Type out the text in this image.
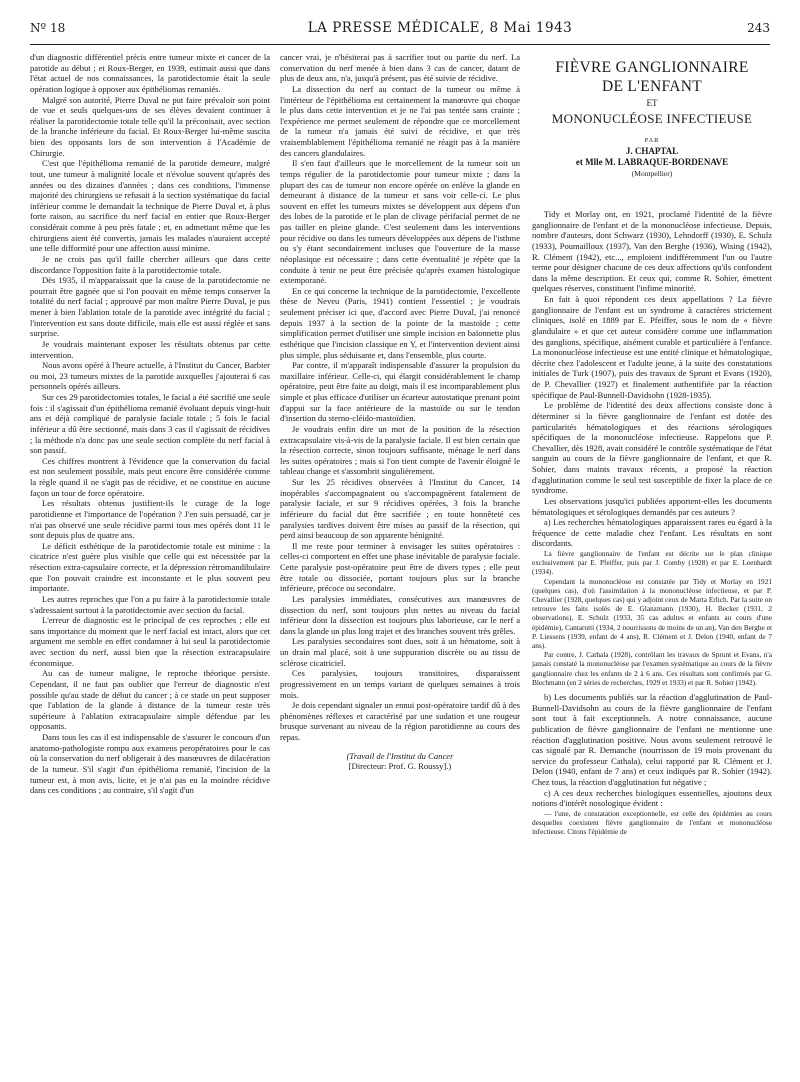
Nº 18	LA PRESSE MÉDICALE, 8 Mai 1943	243

d'un diagnostic différentiel précis entre tumeur mixte et cancer de la parotide au début ; et Roux-Berger, en 1939, estimait aussi que dans l'état actuel de nos connaissances, la parotidectomie était la seule opération logique à opposer aux épithéliomas remaniés.

Malgré son autorité, Pierre Duval ne put faire prévaloir son point de vue et seuls quelques-uns de ses élèves devaient continuer à réaliser la parotidectomie totale telle qu'il la préconisait, avec section de la branche inférieure du facial. Et Roux-Berger lui-même suscita bien des opposants lors de son intervention à l'Académie de Chirurgie.

C'est que l'épithélioma remanié de la parotide demeure, malgré tout, une tumeur à malignité locale et n'évolue souvent qu'après des années ou des dizaines d'années ; dans ces conditions, l'immense majorité des chirurgiens se refusait à la section systématique du facial inférieur comme le demandait la technique de Pierre Duval et, à plus forte raison, au sacrifice du nerf facial en entier que Roux-Berger considérait comme à peu près fatale ; et, en admettant même que les chirurgiens aient été convertis, jamais les malades n'auraient accepté une telle difformité pour une affection aussi minime.

Je ne crois pas qu'il faille chercher ailleurs que dans cette discordance l'opposition faite à la parotidectomie totale.

Dès 1935, il m'apparaissait que la cause de la parotidectomie ne pourrait être gagnée que si l'on pouvait en même temps conserver la totalité du nerf facial ; approuvé par mon maître Pierre Duval, je pus mener à bien l'ablation totale de la parotide avec intégrité du facial ; l'intervention est sans doute difficile, mais elle est aussi réglée et sans surprise.

Je voudrais maintenant exposer les résultats obtenus par cette intervention.

Nous avons opéré à l'heure actuelle, à l'Institut du Cancer, Barbier ou moi, 23 tumeurs mixtes de la parotide auxquelles j'ajouterai 6 cas personnels opérés ailleurs.

Sur ces 29 parotidectomies totales, le facial a été sacrifié une seule fois : il s'agissait d'un épithélioma remanié évoluant depuis vingt-huit ans et déjà compliqué de paralysie faciale totale ; 5 fois le facial inférieur a dû être sectionné, mais dans 3 cas il s'agissait de récidives ; la méthode n'a donc pas une seule section complète du nerf facial à son passif.

Ces chiffres montrent à l'évidence que la conservation du facial est non seulement possible, mais peut encore être considérée comme la règle quand il ne s'agit pas de récidive, et ne constitue en aucune façon un tour de force opératoire.

Les résultats obtenus justifient-ils le curage de la loge parotidienne et l'importance de l'opération ? J'en suis persuadé, car je n'ai pas observé une seule récidive parmi tous mes opérés dont 11 le sont depuis plus de quatre ans.

Le déficit esthétique de la parotidectomie totale est minime : la cicatrice n'est guère plus visible que celle qui est nécessitée par la résection extra-capsulaire correcte, et la dépression rétromandibulaire que l'on pouvait craindre est inconstante et le plus souvent peu importante.

Les autres reproches que l'on a pu faire à la parotidectomie totale s'adressaient surtout à la parotidectomie avec section du facial.

L'erreur de diagnostic est le principal de ces reproches ; elle est sans importance du moment que le nerf facial est intact, alors que cet argument me semble en effet condamner à lui seul la parotidectomie avec section du nerf, aussi bien que la résection extracapsulaire économique.

Au cas de tumeur maligne, le reproche théorique persiste. Cependant, il ne faut pas oublier que l'erreur de diagnostic n'est possible qu'au stade de début du cancer ; à ce stade on peut supposer que l'ablation de la glande à distance de la tumeur reste très supérieure à l'ablation extracapsulaire simple défendue par les opposants.

Dans tous les cas il est indispensable de s'assurer le concours d'un anatomo-pathologiste rompu aux examens peropératoires pour le cas où la conservation du nerf obligerait à des manœuvres de dilacération de la tumeur. S'il s'agit d'un épithélioma remanié, l'incision de la tumeur est, à mon avis, licite, et je n'ai pas eu la moindre récidive dans ces conditions ; au contraire, s'il s'agit d'un

cancer vrai, je n'hésiterai pas à sacrifier tout ou partie du nerf. La conservation du nerf menée à bien dans 3 cas de cancer, datant de plus de deux ans, n'a, jusqu'à présent, pas été suivie de récidive.

La dissection du nerf au contact de la tumeur ou même à l'intérieur de l'épithélioma est certainement la manœuvre qui choque le plus dans cette intervention et je ne l'ai pas tentée sans crainte ; l'expérience me permet seulement de répondre que ce morcellement de la tumeur n'a jamais été suivi de récidive, et que très vraisemblablement l'épithélioma remanié ne réagit pas à la manière des cancers glandulaires.

Il s'en faut d'ailleurs que le morcellement de la tumeur soit un temps régulier de la parotidectomie pour tumeur mixte ; dans la plupart des cas de tumeur non encore opérée on enlève la glande en demeurant à distance de la tumeur et sans voir celle-ci. Le plus souvent en effet les tumeurs mixtes se développent aux dépens d'un des lobes de la parotide et le plan de clivage périfacial permet de ne pas tailler en pleine glande. C'est seulement dans les interventions pour récidive ou dans les tumeurs développées aux dépens de l'isthme ou s'y étant secondairement incluses que l'ouverture de la masse néoplasique est nécessaire ; dans cette éventualité je répète que la conduite à tenir ne peut être précisée qu'après examen histologique extemporané.

En ce qui concerne la technique de la parotidectomie, l'excellente thèse de Neveu (Paris, 1941) contient l'essentiel ; je voudrais seulement préciser ici que, d'accord avec Pierre Duval, j'ai renoncé depuis 1937 à la section de la pointe de la mastoïde ; cette simplification permet d'utiliser une simple incision en baïonnette plus esthétique que l'incision classique en Y, et l'intervention devient ainsi plus simple, plus séduisante et, dans l'ensemble, plus courte.

Par contre, il m'apparaît indispensable d'assurer la propulsion du maxillaire inférieur. Celle-ci, qui élargit considérablement le champ opératoire, peut être faite au doigt, mais il est incomparablement plus simple et plus efficace d'utiliser un écarteur autostatique prenant point d'appui sur la face antérieure de la mastoïde ou sur le tendon d'insertion du sterno-cléido-mastoïdien.

Je voudrais enfin dire un mot de la position de la résection extracapsulaire vis-à-vis de la paralysie faciale. Il est bien certain que la résection correcte, sinon toujours suffisante, ménage le nerf dans les suites opératoires ; mais si l'on tient compte de l'avenir éloigné le tableau change et s'assombrit singulièrement.

Sur les 25 récidives observées à l'Institut du Cancer, 14 inopérables s'accompagnaient ou s'accompagnèrent fatalement de paralysie faciale, et sur 9 récidives opérées, 3 fois la branche inférieure du facial dut être sacrifiée ; en toute honnêteté ces paralysies tardives doivent être mises au passif de la résection, qui perd ainsi beaucoup de son apparente bénignité.

Il me reste pour terminer à envisager les suites opératoires : celles-ci comportent en effet une phase inévitable de paralysie faciale. Cette paralysie post-opératoire peut être de divers types ; elle peut être totale ou dissociée, portant toujours plus sur la branche inférieure, précoce ou secondaire.

Les paralysies immédiates, consécutives aux manœuvres de dissection du nerf, sont toujours plus nettes au niveau du facial inférieur dont la dissection est toujours plus laborieuse, car le nerf a dans la glande un plus long trajet et des branches souvent très grêles.

Les paralysies secondaires sont dues, soit à un hématome, soit à un drain mal placé, soit à une suppuration discrète ou au tissu de sclérose cicatriciel.

Ces paralysies, toujours transitoires, disparaissent progressivement en un temps variant de quelques semaines à trois mois.

Je dois cependant signaler un ennui post-opératoire tardif dû à des phénomènes réflexes et caractérisé par une sudation et une rougeur brusque survenant au niveau de la région parotidienne au cours des repas.

(Travail de l'Institut du Cancer
[Directeur: Prof. G. Roussy].)
FIÈVRE GANGLIONNAIRE
DE L'ENFANT
ET
MONONUCLÉOSE INFECTIEUSE
PAR
J. CHAPTAL
et Mlle M. LABRAQUE-BORDENAVE
(Montpellier)

Tidy et Morlay ont, en 1921, proclamé l'identité de la fièvre ganglionnaire de l'enfant et de la mononucléose infectieuse. Depuis, nombre d'auteurs, dont Schwarz (1930), Lehndorff (1930), E. Schulz (1933), Poumailloux (1937), Van den Berghe (1936), Wising (1942), R. Clément (1942), etc..., emploient indifféremment l'un ou l'autre terme pour désigner chacune de ces deux affections qu'ils confondent dans la même description. Et ceux qui, comme R. Sohier, émettent quelques réserves, constituent l'infime minorité.

En fait à quoi répondent ces deux appellations ? La fièvre ganglionnaire de l'enfant est un syndrome à caractères strictement cliniques, isolé en 1889 par E. Pfeiffer, sous le nom de « fièvre glandulaire » et que cet auteur considère comme une inflammation des ganglions, spécifique, aisément curable et particulière à l'enfance. La mononucléose infectieuse est une entité clinique et hématologique, décrite chez l'adolescent et l'adulte jeune, à la suite des constatations initiales de Turk (1907), puis des travaux de Sprunt et Evans (1920), de P. Chevallier (1927) et finalement authentifiée par la réaction spécifique de Paul-Bunnell-Davidsohn (1928-1935).

Le problème de l'identité des deux affections consiste donc à déterminer si la fièvre ganglionnaire de l'enfant est dotée des particularités hématologiques et des réactions sérologiques spécifiques de la mononucléose infectieuse. Rappelons que P. Chevallier, dès 1928, avait considéré le contrôle systématique de l'état sanguin au cours de la fièvre ganglionnaire de l'enfant, et que R. Sohier, dans maints travaux récents, a proposé la réaction d'agglutination comme le seul test susceptible de fixer la place de ce syndrome.

Les observations jusqu'ici publiées apportent-elles les documents hématologiques et sérologiques demandés par ces auteurs ?

a) Les recherches hématologiques apparaissent rares eu égard à la fréquence de cette maladie chez l'enfant. Les résultats en sont discordants.

La fièvre ganglionnaire de l'enfant est décrite sur le plan clinique exclusivement par E. Pfeiffer, puis par J. Comby (1928) et par E. Leenhardt (1934).

Cependant la mononucléose est constatée par Tidy et Morlay en 1921 (quelques cas), d'où l'assimilation à la mononucléose infectieuse, et par P. Chevallier (1928, quelques cas) qui y adjoint ceux de Marta Erlich. Par la suite on retrouve les faits isolés de E. Glanzmann (1930), H. Becker (1931, 2 observations), E. Schulz (1933, 35 cas adultes et enfants au cours d'une épidémie), Cantarutti (1934, 2 nourrissons de moins de un an), Van den Berghe et P. Liessens (1939, enfant de 4 ans), R. Clément et J. Delon (1940, enfant de 7 ans).

Par contre, J. Cathala (1928), contrôlant les travaux de Sprunt et Evans, n'a jamais constaté la mononucléose par l'examen systématique au cours de la fièvre ganglionnaire chez les enfants de 2 à 6 ans. Ces résultats sont confirmés par G. Blechmann (en 2 séries de recherches, 1929 et 1933) et par R. Sohier (1942).

b) Les documents publiés sur la réaction d'agglutination de Paul-Bunnell-Davidsohn au cours de la fièvre ganglionnaire de l'enfant sont tout à fait exceptionnels. A notre connaissance, aucune publication de fièvre ganglionnaire de l'enfant ne mentionne une réaction d'agglutination positive. Nous avons seulement retrouvé le cas signalé par R. Demanche (nourrisson de 19 mois provenant du service du professeur Cathala), celui rapporté par R. Clément et J. Delon (1940, enfant de 7 ans) et ceux indiqués par R. Sohier (1942). Chez tous, la réaction d'agglutination fut négative ;

c) A ces deux recherches biologiques essentielles, ajoutons deux notions d'intérêt nosologique évident :

— l'une, de constatation exceptionnelle, est celle des épidémies au cours desquelles coexistent fièvre ganglionnaire de l'enfant et mononucléose infectieuse. Citons l'épidémie de
